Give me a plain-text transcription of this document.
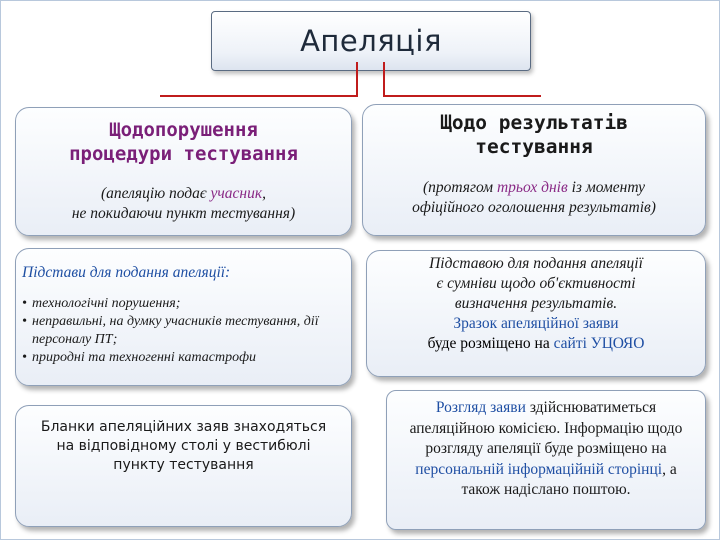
Апеляція
Щодопорушення
процедури тестування
(апеляцію подає учасник,
не покидаючи пункт тестування)
Підстави для подання апеляції:
• технологічні порушення;
• неправильні, на думку учасників тестування, дії персоналу ПТ;
• природні та техногенні катастрофи
Бланки апеляційних заяв знаходяться на відповідному столі у вестибюлі пункту тестування
Щодо результатів
тестування
(протягом трьох днів із моменту
офіційного оголошення результатів)
Підставою для подання апеляції
є сумніви щодо об'єктивності
визначення результатів.
Зразок апеляційної заяви
буде розміщено на сайті УЦОЯО
Розгляд заяви здійснюватиметься апеляційною комісією. Інформацію щодо розгляду апеляції буде розміщено на персональній інформаційній сторінці, а також надіслано поштою.
